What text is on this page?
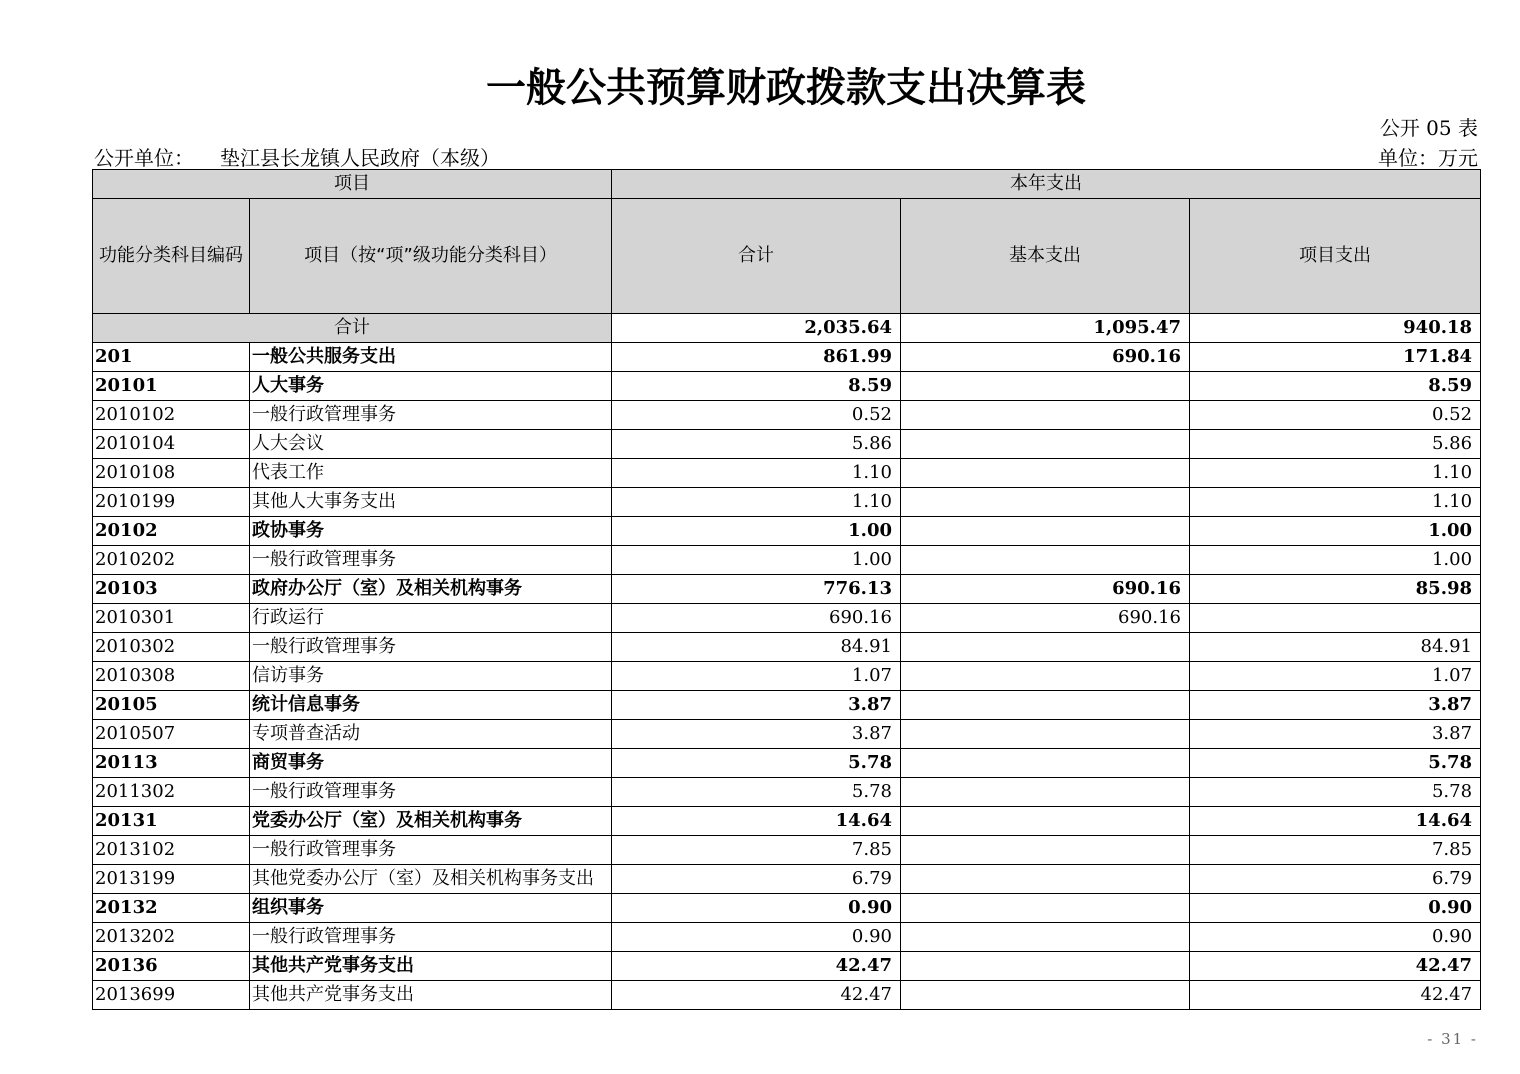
一般公共预算财政拨款支出决算表
公开 05 表
公开单位： 垫江县长龙镇人民政府（本级）	单位：万元
项目		本年支出		
功能分类科目编码	项目（按“项”级功能分类科目）	合计	基本支出	项目支出
合计		2,035.64	1,095.47	940.18
201	一般公共服务支出	861.99	690.16	171.84
20101	人大事务	8.59		8.59
2010102	一般行政管理事务	0.52		0.52
2010104	人大会议	5.86		5.86
2010108	代表工作	1.10		1.10
2010199	其他人大事务支出	1.10		1.10
20102	政协事务	1.00		1.00
2010202	一般行政管理事务	1.00		1.00
20103	政府办公厅（室）及相关机构事务	776.13	690.16	85.98
2010301	行政运行	690.16	690.16	
2010302	一般行政管理事务	84.91		84.91
2010308	信访事务	1.07		1.07
20105	统计信息事务	3.87		3.87
2010507	专项普查活动	3.87		3.87
20113	商贸事务	5.78		5.78
2011302	一般行政管理事务	5.78		5.78
20131	党委办公厅（室）及相关机构事务	14.64		14.64
2013102	一般行政管理事务	7.85		7.85
2013199	其他党委办公厅（室）及相关机构事务支出	6.79		6.79
20132	组织事务	0.90		0.90
2013202	一般行政管理事务	0.90		0.90
20136	其他共产党事务支出	42.47		42.47
2013699	其他共产党事务支出	42.47		42.47
- 31 -
